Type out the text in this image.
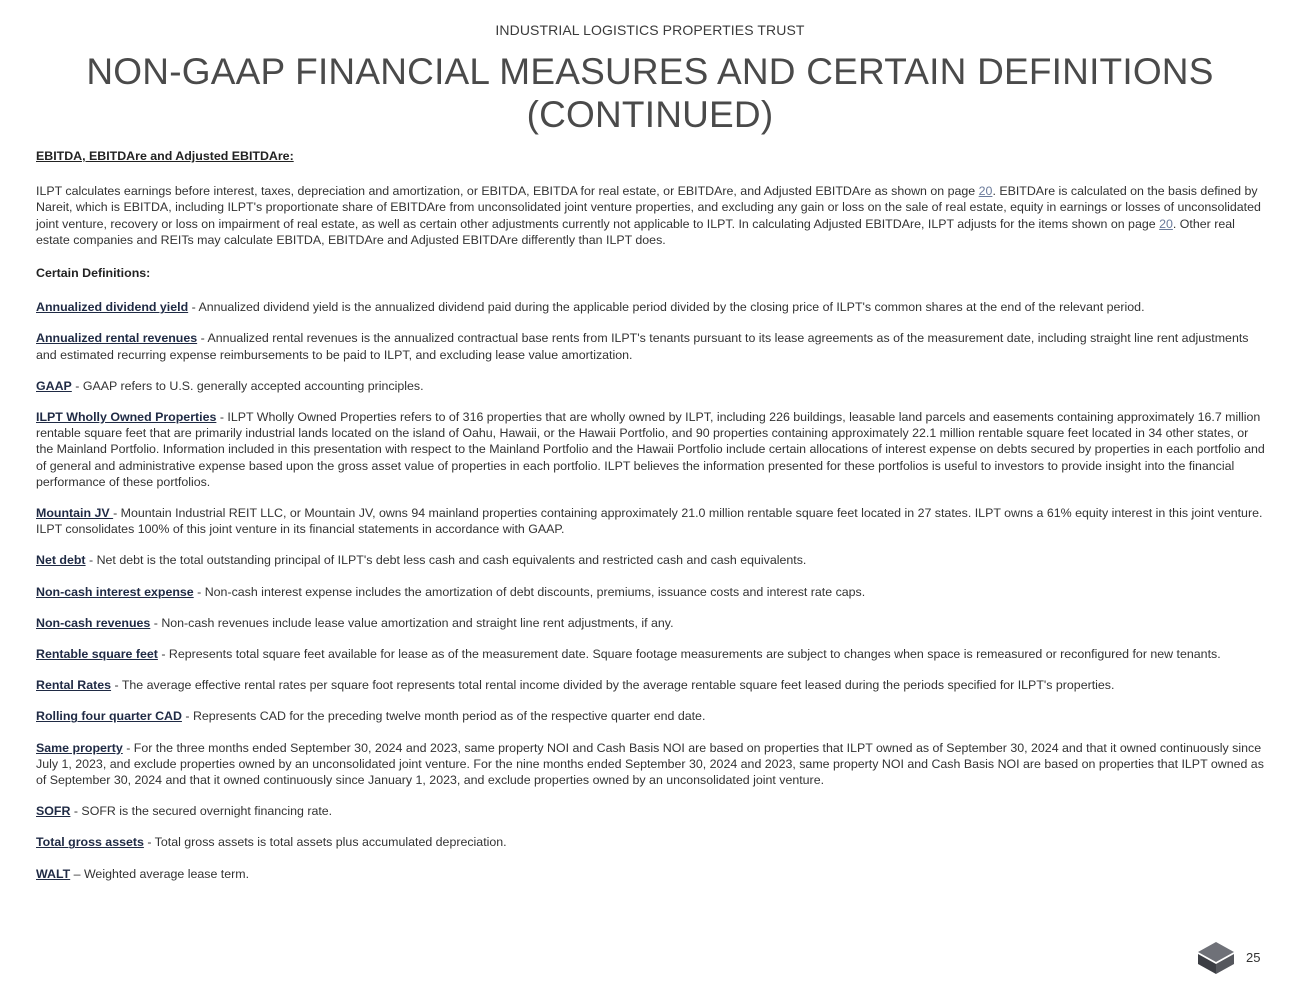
INDUSTRIAL LOGISTICS PROPERTIES TRUST
NON-GAAP FINANCIAL MEASURES AND CERTAIN DEFINITIONS (CONTINUED)
EBITDA, EBITDAre and Adjusted EBITDAre:

ILPT calculates earnings before interest, taxes, depreciation and amortization, or EBITDA, EBITDA for real estate, or EBITDAre, and Adjusted EBITDAre as shown on page 20. EBITDAre is calculated on the basis defined by Nareit, which is EBITDA, including ILPT's proportionate share of EBITDAre from unconsolidated joint venture properties, and excluding any gain or loss on the sale of real estate, equity in earnings or losses of unconsolidated joint venture, recovery or loss on impairment of real estate, as well as certain other adjustments currently not applicable to ILPT. In calculating Adjusted EBITDAre, ILPT adjusts for the items shown on page 20. Other real estate companies and REITs may calculate EBITDA, EBITDAre and Adjusted EBITDAre differently than ILPT does.

Certain Definitions:

Annualized dividend yield - Annualized dividend yield is the annualized dividend paid during the applicable period divided by the closing price of ILPT's common shares at the end of the relevant period.

Annualized rental revenues - Annualized rental revenues is the annualized contractual base rents from ILPT's tenants pursuant to its lease agreements as of the measurement date, including straight line rent adjustments and estimated recurring expense reimbursements to be paid to ILPT, and excluding lease value amortization.

GAAP - GAAP refers to U.S. generally accepted accounting principles.

ILPT Wholly Owned Properties - ILPT Wholly Owned Properties refers to of 316 properties that are wholly owned by ILPT, including 226 buildings, leasable land parcels and easements containing approximately 16.7 million rentable square feet that are primarily industrial lands located on the island of Oahu, Hawaii, or the Hawaii Portfolio, and 90 properties containing approximately 22.1 million rentable square feet located in 34 other states, or the Mainland Portfolio. Information included in this presentation with respect to the Mainland Portfolio and the Hawaii Portfolio include certain allocations of interest expense on debts secured by properties in each portfolio and of general and administrative expense based upon the gross asset value of properties in each portfolio. ILPT believes the information presented for these portfolios is useful to investors to provide insight into the financial performance of these portfolios.

Mountain JV - Mountain Industrial REIT LLC, or Mountain JV, owns 94 mainland properties containing approximately 21.0 million rentable square feet located in 27 states. ILPT owns a 61% equity interest in this joint venture. ILPT consolidates 100% of this joint venture in its financial statements in accordance with GAAP.

Net debt - Net debt is the total outstanding principal of ILPT's debt less cash and cash equivalents and restricted cash and cash equivalents.

Non-cash interest expense - Non-cash interest expense includes the amortization of debt discounts, premiums, issuance costs and interest rate caps.

Non-cash revenues - Non-cash revenues include lease value amortization and straight line rent adjustments, if any.

Rentable square feet - Represents total square feet available for lease as of the measurement date. Square footage measurements are subject to changes when space is remeasured or reconfigured for new tenants.

Rental Rates - The average effective rental rates per square foot represents total rental income divided by the average rentable square feet leased during the periods specified for ILPT's properties.

Rolling four quarter CAD - Represents CAD for the preceding twelve month period as of the respective quarter end date.

Same property - For the three months ended September 30, 2024 and 2023, same property NOI and Cash Basis NOI are based on properties that ILPT owned as of September 30, 2024 and that it owned continuously since July 1, 2023, and exclude properties owned by an unconsolidated joint venture. For the nine months ended September 30, 2024 and 2023, same property NOI and Cash Basis NOI are based on properties that ILPT owned as of September 30, 2024 and that it owned continuously since January 1, 2023, and exclude properties owned by an unconsolidated joint venture.

SOFR - SOFR is the secured overnight financing rate.

Total gross assets - Total gross assets is total assets plus accumulated depreciation.

WALT – Weighted average lease term.

25
